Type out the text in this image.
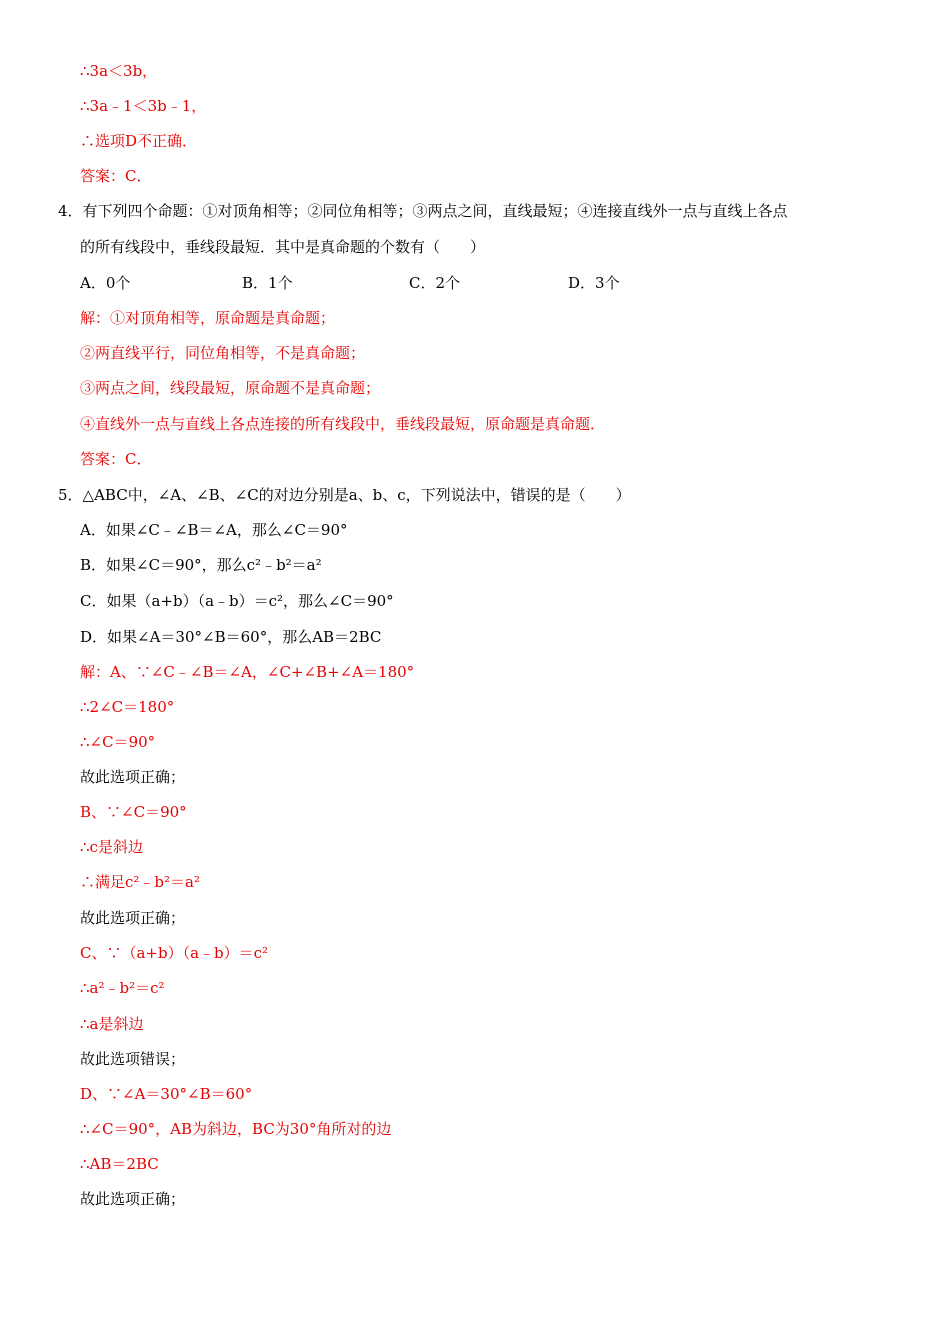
∴3a＜3b，
∴3a﹣1＜3b﹣1，
∴选项D不正确．
答案：C．
4．有下列四个命题：①对顶角相等；②同位角相等；③两点之间，直线最短；④连接直线外一点与直线上各点
的所有线段中，垂线段最短．其中是真命题的个数有（　　）
A．0个	B．1个	C．2个	D．3个
解：①对顶角相等，原命题是真命题；
②两直线平行，同位角相等，不是真命题；
③两点之间，线段最短，原命题不是真命题；
④直线外一点与直线上各点连接的所有线段中，垂线段最短，原命题是真命题．
答案：C．
5．△ABC中，∠A、∠B、∠C的对边分别是a、b、c，下列说法中，错误的是（　　）
A．如果∠C﹣∠B＝∠A，那么∠C＝90°
B．如果∠C＝90°，那么c²﹣b²＝a²
C．如果（a+b）（a﹣b）＝c²，那么∠C＝90°
D．如果∠A＝30°∠B＝60°，那么AB＝2BC
解：A、∵∠C﹣∠B＝∠A，∠C+∠B+∠A＝180°
∴2∠C＝180°
∴∠C＝90°
故此选项正确；
B、∵∠C＝90°
∴c是斜边
∴满足c²﹣b²＝a²
故此选项正确；
C、∵（a+b）（a﹣b）＝c²
∴a²﹣b²＝c²
∴a是斜边
故此选项错误；
D、∵∠A＝30°∠B＝60°
∴∠C＝90°，AB为斜边，BC为30°角所对的边
∴AB＝2BC
故此选项正确；
